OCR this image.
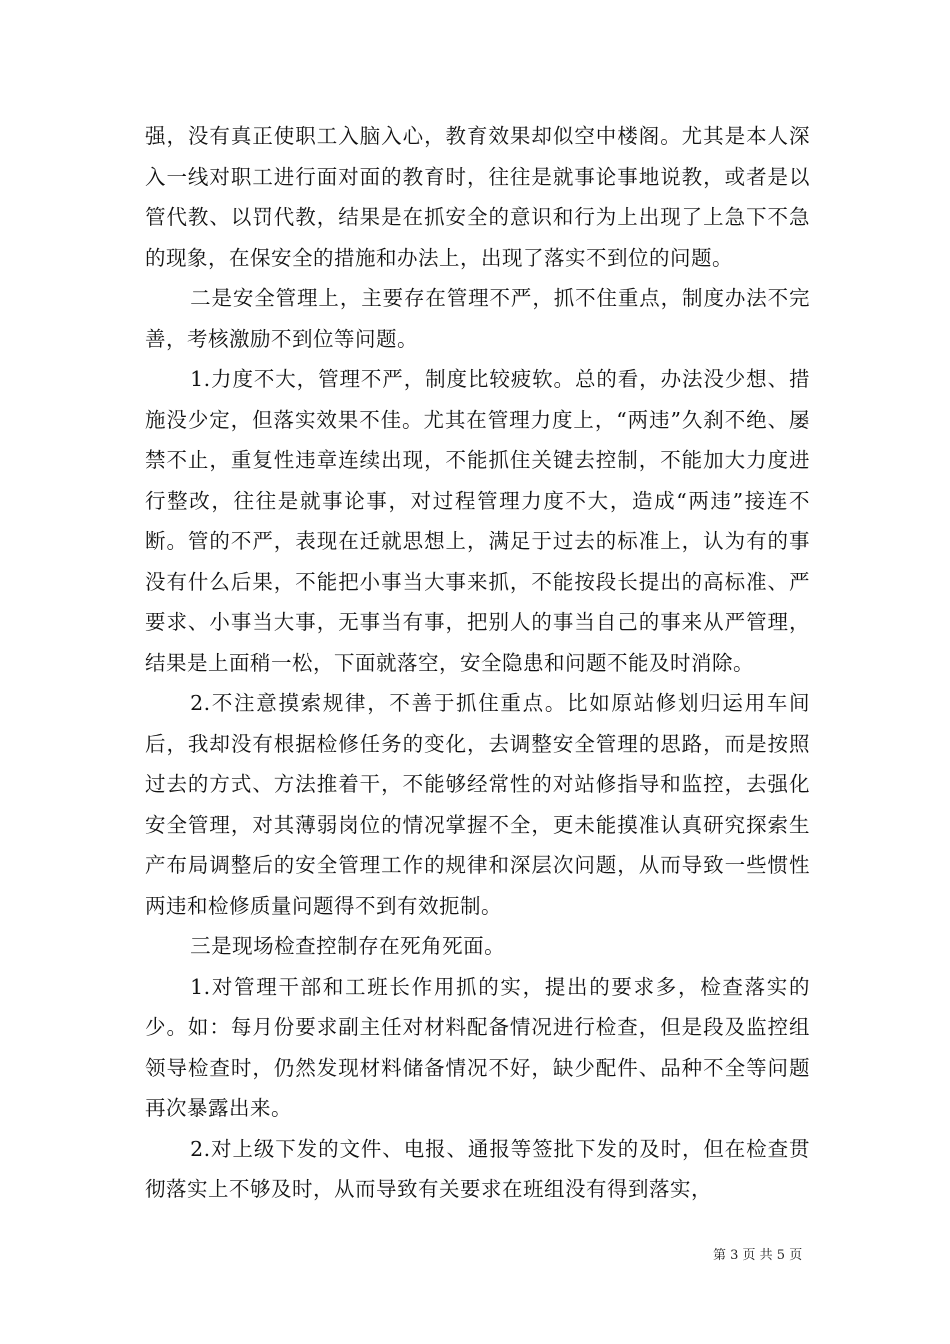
强，没有真正使职工入脑入心，教育效果却似空中楼阁。尤其是本人深入一线对职工进行面对面的教育时，往往是就事论事地说教，或者是以管代教、以罚代教，结果是在抓安全的意识和行为上出现了上急下不急的现象，在保安全的措施和办法上，出现了落实不到位的问题。

二是安全管理上，主要存在管理不严，抓不住重点，制度办法不完善，考核激励不到位等问题。

1.力度不大，管理不严，制度比较疲软。总的看，办法没少想、措施没少定，但落实效果不佳。尤其在管理力度上，“两违”久刹不绝、屡禁不止，重复性违章连续出现，不能抓住关键去控制，不能加大力度进行整改，往往是就事论事，对过程管理力度不大，造成“两违”接连不断。管的不严，表现在迁就思想上，满足于过去的标准上，认为有的事没有什么后果，不能把小事当大事来抓，不能按段长提出的高标准、严要求、小事当大事，无事当有事，把别人的事当自己的事来从严管理，结果是上面稍一松，下面就落空，安全隐患和问题不能及时消除。

2.不注意摸索规律，不善于抓住重点。比如原站修划归运用车间后，我却没有根据检修任务的变化，去调整安全管理的思路，而是按照过去的方式、方法推着干，不能够经常性的对站修指导和监控，去强化安全管理，对其薄弱岗位的情况掌握不全，更未能摸准认真研究探索生产布局调整后的安全管理工作的规律和深层次问题，从而导致一些惯性两违和检修质量问题得不到有效扼制。

三是现场检查控制存在死角死面。

1.对管理干部和工班长作用抓的实，提出的要求多，检查落实的少。如：每月份要求副主任对材料配备情况进行检查，但是段及监控组领导检查时，仍然发现材料储备情况不好，缺少配件、品种不全等问题再次暴露出来。

2.对上级下发的文件、电报、通报等签批下发的及时，但在检查贯彻落实上不够及时，从而导致有关要求在班组没有得到落实，

第 3 页 共 5 页
